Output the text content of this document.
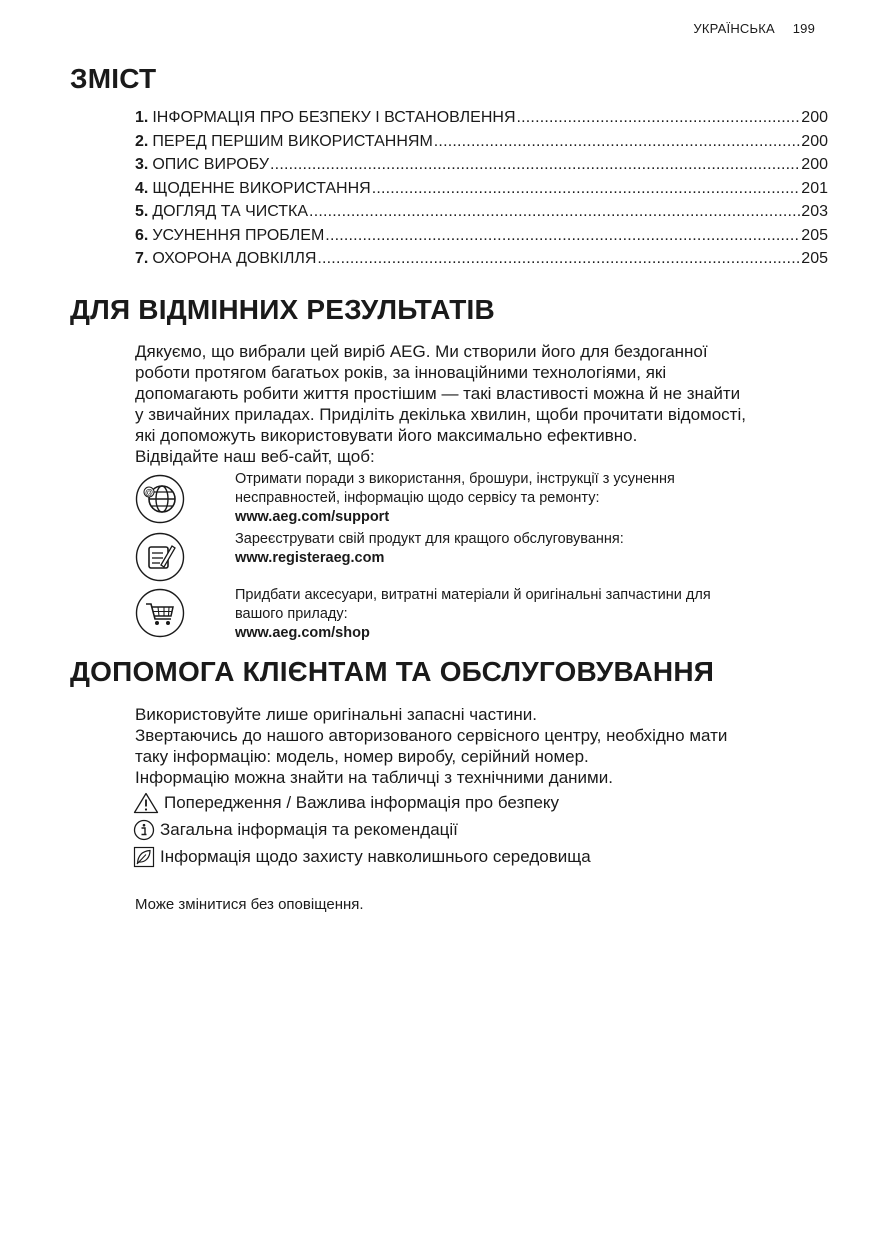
УКРАЇНСЬКА 199
ЗМІСТ
1. ІНФОРМАЦІЯ ПРО БЕЗПЕКУ І ВСТАНОВЛЕННЯ .....	200
2. ПЕРЕД ПЕРШИМ ВИКОРИСТАННЯМ .....	200
3. ОПИС ВИРОБУ .....	200
4. ЩОДЕННЕ ВИКОРИСТАННЯ .....	201
5. ДОГЛЯД ТА ЧИСТКА .....	203
6. УСУНЕННЯ ПРОБЛЕМ .....	205
7. ОХОРОНА ДОВКІЛЛЯ .....	205
ДЛЯ ВІДМІННИХ РЕЗУЛЬТАТІВ

Дякуємо, що вибрали цей виріб AEG. Ми створили його для бездоганної

роботи протягом багатьох років, за інноваційними технологіями, які

допомагають робити життя простішим — такі властивості можна й не знайти

у звичайних приладах. Приділіть декілька хвилин, щоби прочитати відомості,

які допоможуть використовувати його максимально ефективно.

Відвідайте наш веб-сайт, щоб:

@
Отримати поради з використання, брошури, інструкції з усунення
несправностей, інформацію щодо сервісу та ремонту:
www.aeg.com/support
Зареєструвати свій продукт для кращого обслуговування:
www.registeraeg.com
Придбати аксесуари, витратні матеріали й оригінальні запчастини для
вашого приладу:
www.aeg.com/shop
ДОПОМОГА КЛІЄНТАМ ТА ОБСЛУГОВУВАННЯ

Використовуйте лише оригінальні запасні частини.

Звертаючись до нашого авторизованого сервісного центру, необхідно мати

таку інформацію: модель, номер виробу, серійний номер.

Інформацію можна знайти на табличці з технічними даними.

Попередження / Важлива інформація про безпеку
Загальна інформація та рекомендації
Інформація щодо захисту навколишнього середовища
Може змінитися без оповіщення.
